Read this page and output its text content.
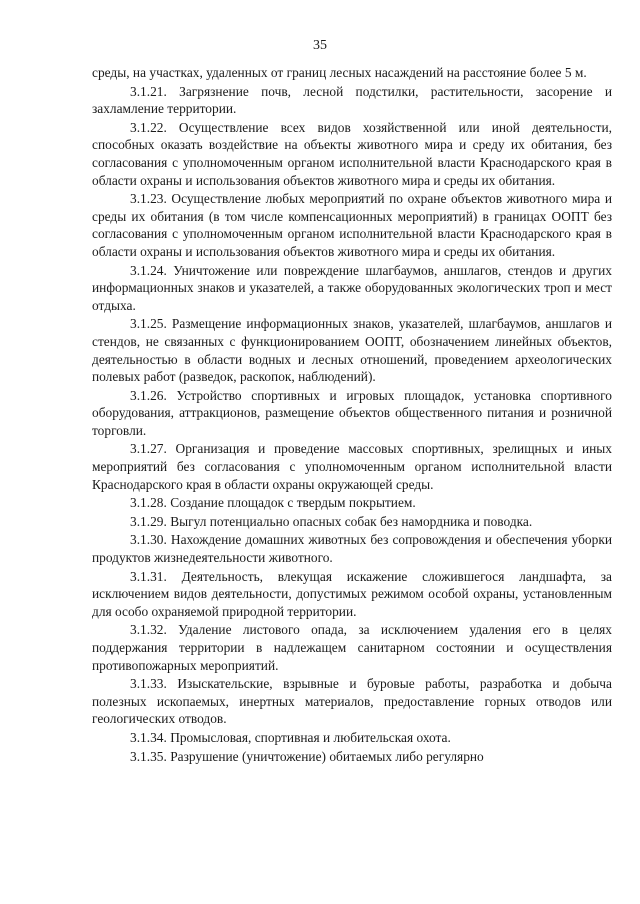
35

среды, на участках, удаленных от границ лесных насаждений на расстояние более 5 м.

3.1.21. Загрязнение почв, лесной подстилки, растительности, засорение и захламление территории.

3.1.22. Осуществление всех видов хозяйственной или иной деятельности, способных оказать воздействие на объекты животного мира и среду их обитания, без согласования с уполномоченным органом исполнительной власти Краснодарского края в области охраны и использования объектов животного мира и среды их обитания.

3.1.23. Осуществление любых мероприятий по охране объектов животного мира и среды их обитания (в том числе компенсационных мероприятий) в границах ООПТ без согласования с уполномоченным органом исполнительной власти Краснодарского края в области охраны и использования объектов животного мира и среды их обитания.

3.1.24. Уничтожение или повреждение шлагбаумов, аншлагов, стендов и других информационных знаков и указателей, а также оборудованных экологических троп и мест отдыха.

3.1.25. Размещение информационных знаков, указателей, шлагбаумов, аншлагов и стендов, не связанных с функционированием ООПТ, обозначением линейных объектов, деятельностью в области водных и лесных отношений, проведением археологических полевых работ (разведок, раскопок, наблюдений).

3.1.26. Устройство спортивных и игровых площадок, установка спортивного оборудования, аттракционов, размещение объектов общественного питания и розничной торговли.

3.1.27. Организация и проведение массовых спортивных, зрелищных и иных мероприятий без согласования с уполномоченным органом исполнительной власти Краснодарского края в области охраны окружающей среды.

3.1.28. Создание площадок с твердым покрытием.

3.1.29. Выгул потенциально опасных собак без намордника и поводка.

3.1.30. Нахождение домашних животных без сопровождения и обеспечения уборки продуктов жизнедеятельности животного.

3.1.31. Деятельность, влекущая искажение сложившегося ландшафта, за исключением видов деятельности, допустимых режимом особой охраны, установленным для особо охраняемой природной территории.

3.1.32. Удаление листового опада, за исключением удаления его в целях поддержания территории в надлежащем санитарном состоянии и осуществления противопожарных мероприятий.

3.1.33. Изыскательские, взрывные и буровые работы, разработка и добыча полезных ископаемых, инертных материалов, предоставление горных отводов или геологических отводов.

3.1.34. Промысловая, спортивная и любительская охота.

3.1.35. Разрушение (уничтожение) обитаемых либо регулярно
